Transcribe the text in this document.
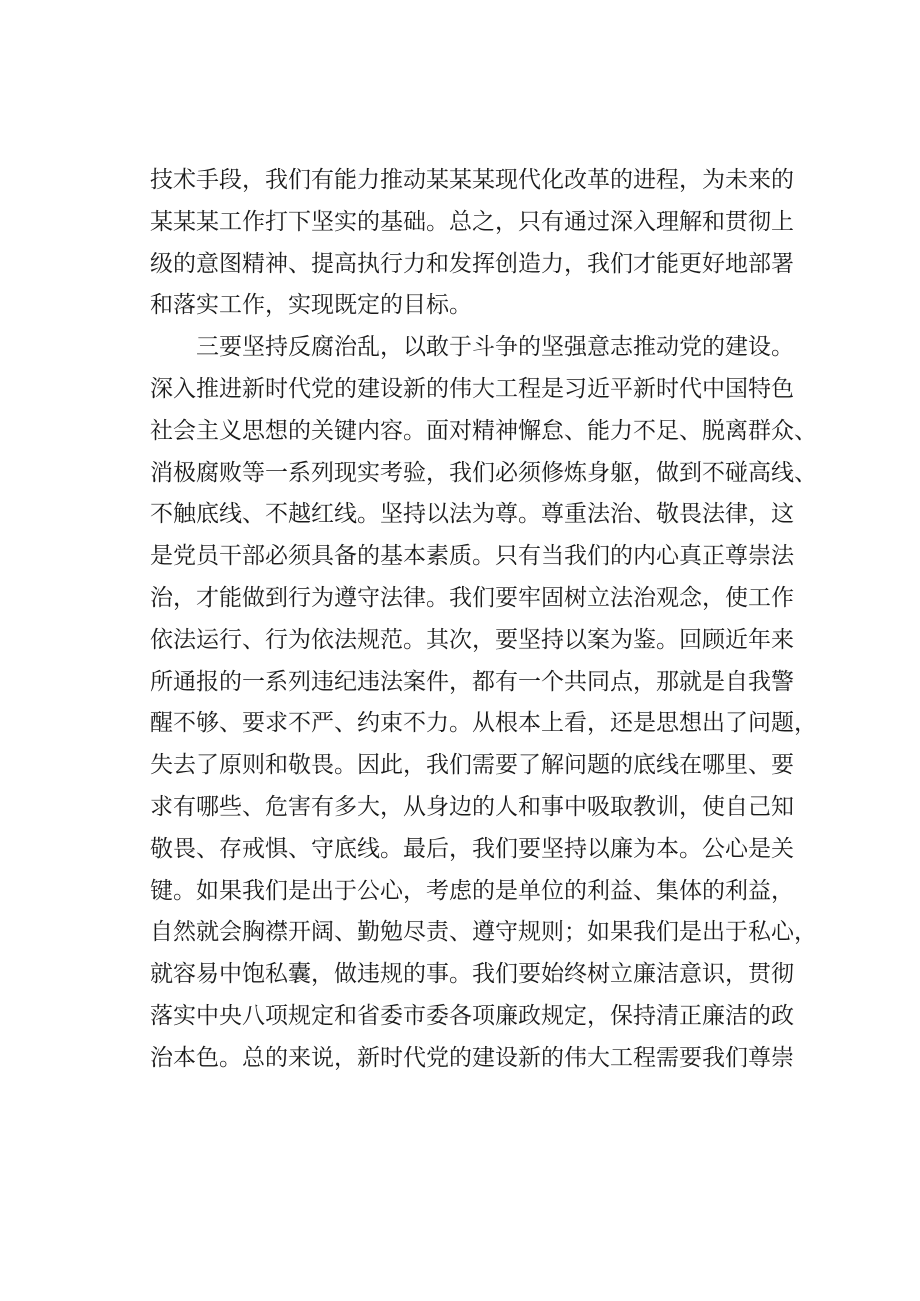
技术手段，我们有能力推动某某某现代化改革的进程，为未来的
某某某工作打下坚实的基础。总之，只有通过深入理解和贯彻上
级的意图精神、提高执行力和发挥创造力，我们才能更好地部署
和落实工作，实现既定的目标。
三要坚持反腐治乱，以敢于斗争的坚强意志推动党的建设。
深入推进新时代党的建设新的伟大工程是习近平新时代中国特色
社会主义思想的关键内容。面对精神懈怠、能力不足、脱离群众、
消极腐败等一系列现实考验，我们必须修炼身躯，做到不碰高线、
不触底线、不越红线。坚持以法为尊。尊重法治、敬畏法律，这
是党员干部必须具备的基本素质。只有当我们的内心真正尊崇法
治，才能做到行为遵守法律。我们要牢固树立法治观念，使工作
依法运行、行为依法规范。其次，要坚持以案为鉴。回顾近年来
所通报的一系列违纪违法案件，都有一个共同点，那就是自我警
醒不够、要求不严、约束不力。从根本上看，还是思想出了问题，
失去了原则和敬畏。因此，我们需要了解问题的底线在哪里、要
求有哪些、危害有多大，从身边的人和事中吸取教训，使自己知
敬畏、存戒惧、守底线。最后，我们要坚持以廉为本。公心是关
键。如果我们是出于公心，考虑的是单位的利益、集体的利益，
自然就会胸襟开阔、勤勉尽责、遵守规则；如果我们是出于私心，
就容易中饱私囊，做违规的事。我们要始终树立廉洁意识，贯彻
落实中央八项规定和省委市委各项廉政规定，保持清正廉洁的政
治本色。总的来说，新时代党的建设新的伟大工程需要我们尊崇
